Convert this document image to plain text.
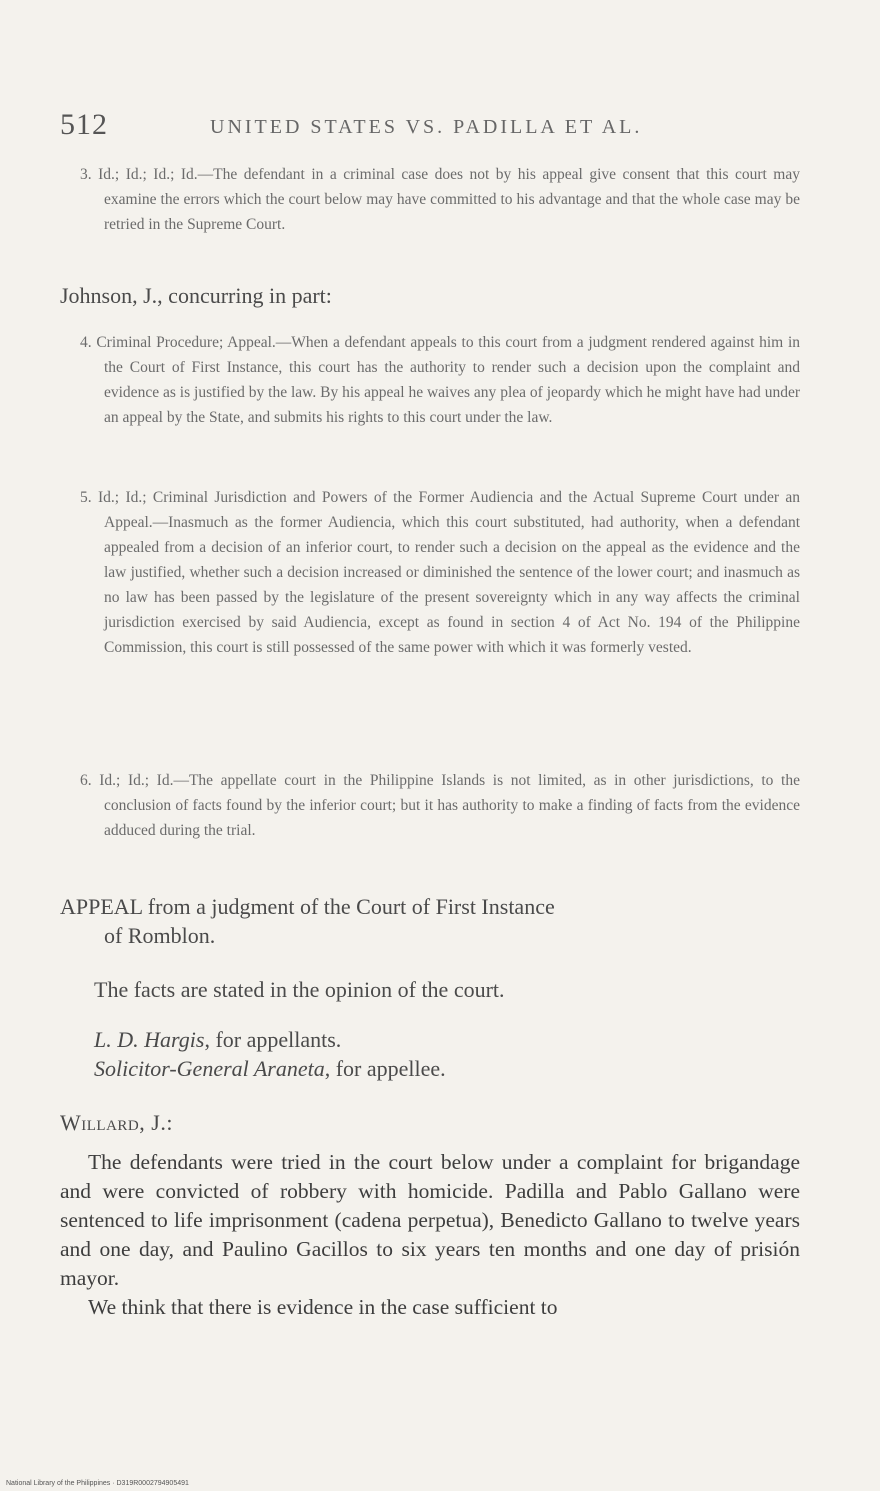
512	UNITED STATES VS. PADILLA ET AL.

3. Id.; Id.; Id.; Id.—The defendant in a criminal case does not by his appeal give consent that this court may examine the errors which the court below may have committed to his advantage and that the whole case may be retried in the Supreme Court.

Johnson, J., concurring in part:

4. Criminal Procedure; Appeal.—When a defendant appeals to this court from a judgment rendered against him in the Court of First Instance, this court has the authority to render such a decision upon the complaint and evidence as is justified by the law. By his appeal he waives any plea of jeopardy which he might have had under an appeal by the State, and submits his rights to this court under the law.

5. Id.; Id.; Criminal Jurisdiction and Powers of the Former Audiencia and the Actual Supreme Court under an Appeal.—Inasmuch as the former Audiencia, which this court substituted, had authority, when a defendant appealed from a decision of an inferior court, to render such a decision on the appeal as the evidence and the law justified, whether such a decision increased or diminished the sentence of the lower court; and inasmuch as no law has been passed by the legislature of the present sovereignty which in any way affects the criminal jurisdiction exercised by said Audiencia, except as found in section 4 of Act No. 194 of the Philippine Commission, this court is still possessed of the same power with which it was formerly vested.

6. Id.; Id.; Id.—The appellate court in the Philippine Islands is not limited, as in other jurisdictions, to the conclusion of facts found by the inferior court; but it has authority to make a finding of facts from the evidence adduced during the trial.

APPEAL from a judgment of the Court of First Instance
of Romblon.
The facts are stated in the opinion of the court.
L. D. Hargis, for appellants.
Solicitor-General Araneta, for appellee.
Willard, J.:

The defendants were tried in the court below under a complaint for brigandage and were convicted of robbery with homicide. Padilla and Pablo Gallano were sentenced to life imprisonment (cadena perpetua), Benedicto Gallano to twelve years and one day, and Paulino Gacillos to six years ten months and one day of prisión mayor.

We think that there is evidence in the case sufficient to

National Library of the Philippines · D319R0002794905491
